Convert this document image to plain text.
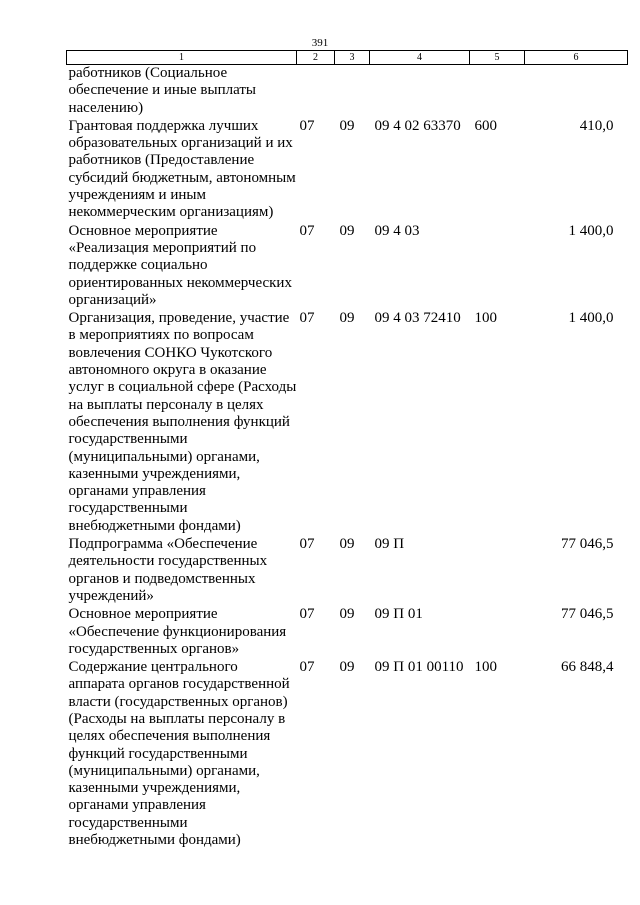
391
1	2	3	4	5	6
работников (Социальное обеспечение и иные выплаты населению)					
Грантовая поддержка лучших образовательных организаций и их работников (Предоставление субсидий бюджетным, автономным учреждениям и иным некоммерческим организациям)	07	09	09 4 02 63370	600	410,0
Основное мероприятие «Реализация мероприятий по поддержке социально ориентированных некоммерческих организаций»	07	09	09 4 03		1 400,0
Организация, проведение, участие в мероприятиях по вопросам вовлечения СОНКО Чукотского автономного округа в оказание услуг в социальной сфере (Расходы на выплаты персоналу в целях обеспечения выполнения функций государственными (муниципальными) органами, казенными учреждениями, органами управления государственными внебюджетными фондами)	07	09	09 4 03 72410	100	1 400,0
Подпрограмма «Обеспечение деятельности государственных органов и подведомственных учреждений»	07	09	09 П		77 046,5
Основное мероприятие «Обеспечение функционирования государственных органов»	07	09	09 П 01		77 046,5
Содержание центрального аппарата органов государственной власти (государственных органов) (Расходы на выплаты персоналу в целях обеспечения выполнения функций государственными (муниципальными) органами, казенными учреждениями, органами управления государственными внебюджетными фондами)	07	09	09 П 01 00110	100	66 848,4
